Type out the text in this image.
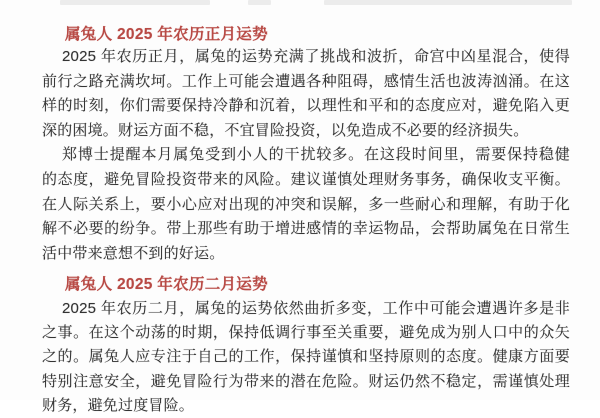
属兔人 2025 年农历正月运势
2025 年农历正月，属兔的运势充满了挑战和波折，命宫中凶星混合，使得
前行之路充满坎坷。工作上可能会遭遇各种阻碍，感情生活也波涛汹涌。在这
样的时刻，你们需要保持冷静和沉着，以理性和平和的态度应对，避免陷入更
深的困境。财运方面不稳，不宜冒险投资，以免造成不必要的经济损失。
郑博士提醒本月属兔受到小人的干扰较多。在这段时间里，需要保持稳健
的态度，避免冒险投资带来的风险。建议谨慎处理财务事务，确保收支平衡。
在人际关系上，要小心应对出现的冲突和误解，多一些耐心和理解，有助于化
解不必要的纷争。带上那些有助于增进感情的幸运物品，会帮助属兔在日常生
活中带来意想不到的好运。
属兔人 2025 年农历二月运势
2025 年农历二月，属兔的运势依然曲折多变，工作中可能会遭遇许多是非
之事。在这个动荡的时期，保持低调行事至关重要，避免成为别人口中的众矢
之的。属兔人应专注于自己的工作，保持谨慎和坚持原则的态度。健康方面要
特别注意安全，避免冒险行为带来的潜在危险。财运仍然不稳定，需谨慎处理
财务，避免过度冒险。
